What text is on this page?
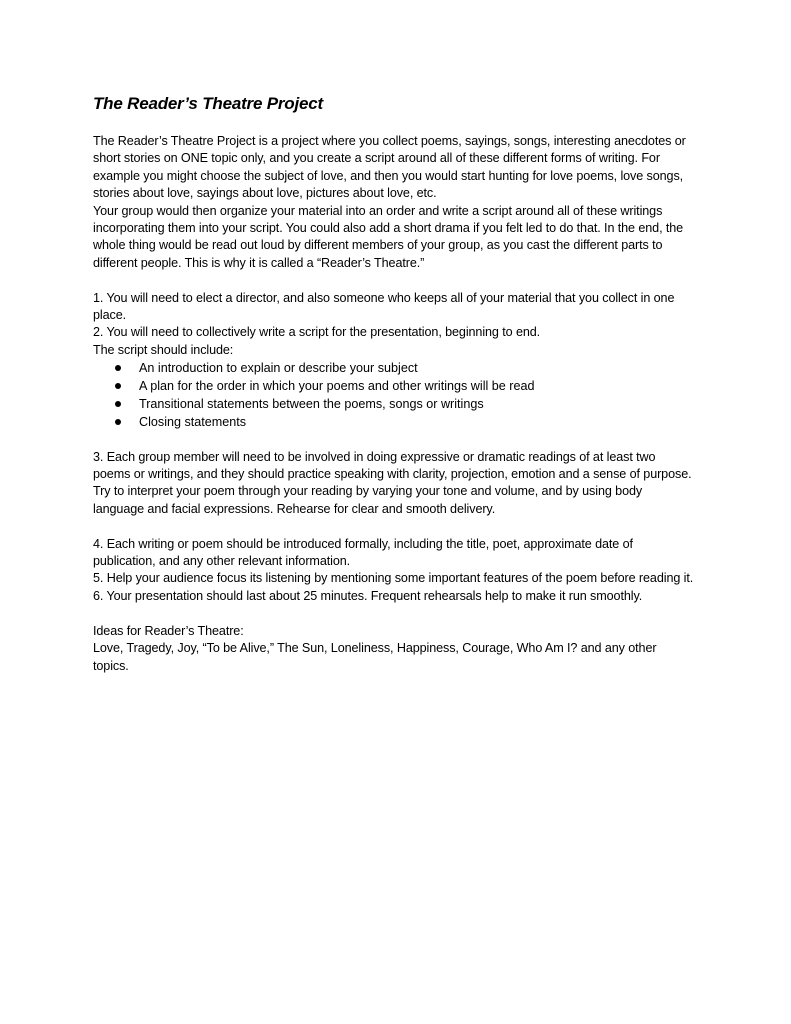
The Reader’s Theatre Project

The Reader’s Theatre Project is a project where you collect poems, sayings, songs, interesting anecdotes or short stories on ONE topic only, and you create a script around all of these different forms of writing. For example you might choose the subject of love, and then you would start hunting for love poems, love songs, stories about love, sayings about love, pictures about love, etc.

Your group would then organize your material into an order and write a script around all of these writings incorporating them into your script. You could also add a short drama if you felt led to do that. In the end, the whole thing would be read out loud by different members of your group, as you cast the different parts to different people. This is why it is called a “Reader’s Theatre.”

1. You will need to elect a director, and also someone who keeps all of your material that you collect in one place.

2. You will need to collectively write a script for the presentation, beginning to end.

The script should include:

An introduction to explain or describe your subject
A plan for the order in which your poems and other writings will be read
Transitional statements between the poems, songs or writings
Closing statements

3. Each group member will need to be involved in doing expressive or dramatic readings of at least two poems or writings, and they should practice speaking with clarity, projection, emotion and a sense of purpose. Try to interpret your poem through your reading by varying your tone and volume, and by using body language and facial expressions. Rehearse for clear and smooth delivery.

4. Each writing or poem should be introduced formally, including the title, poet, approximate date of publication, and any other relevant information.

5. Help your audience focus its listening by mentioning some important features of the poem before reading it.

6. Your presentation should last about 25 minutes. Frequent rehearsals help to make it run smoothly.

Ideas for Reader’s Theatre:

Love, Tragedy, Joy, “To be Alive,” The Sun, Loneliness, Happiness, Courage, Who Am I? and any other topics.
